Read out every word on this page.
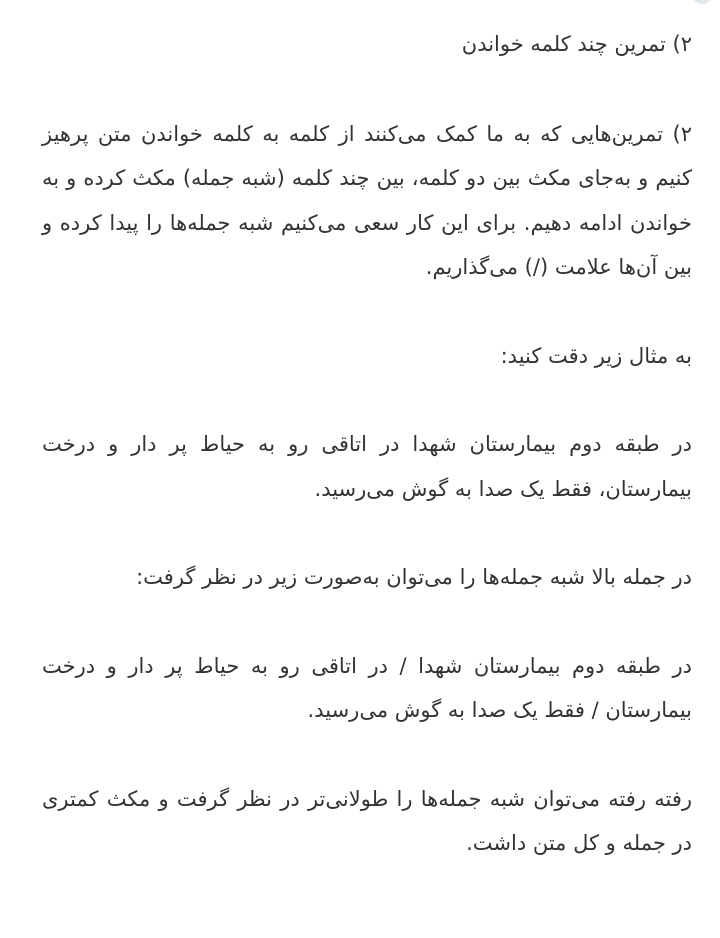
۲) تمرین چند کلمه خواندن

۲) تمرین‌هایی که به ما کمک می‌کنند از کلمه به کلمه خواندن متن پرهیز کنیم و به‌جای مکث بین دو کلمه، بین چند کلمه (شبه جمله) مکث کرده و به خواندن ادامه دهیم. برای این کار سعی می‌کنیم شبه جمله‌ها را پیدا کرده و بین آن‌ها علامت (/) می‌گذاریم.

به مثال زیر دقت کنید:

در طبقه دوم بیمارستان شهدا در اتاقی رو به حیاط پر دار و درخت بیمارستان، فقط یک صدا به گوش می‌رسید.

در جمله بالا شبه جمله‌ها را می‌توان به‌صورت زیر در نظر گرفت:

در طبقه دوم بیمارستان شهدا / در اتاقی رو به حیاط پر دار و درخت بیمارستان / فقط یک صدا به گوش می‌رسید.

رفته رفته می‌توان شبه جمله‌ها را طولانی‌تر در نظر گرفت و مکث کمتری در جمله و کل متن داشت.
